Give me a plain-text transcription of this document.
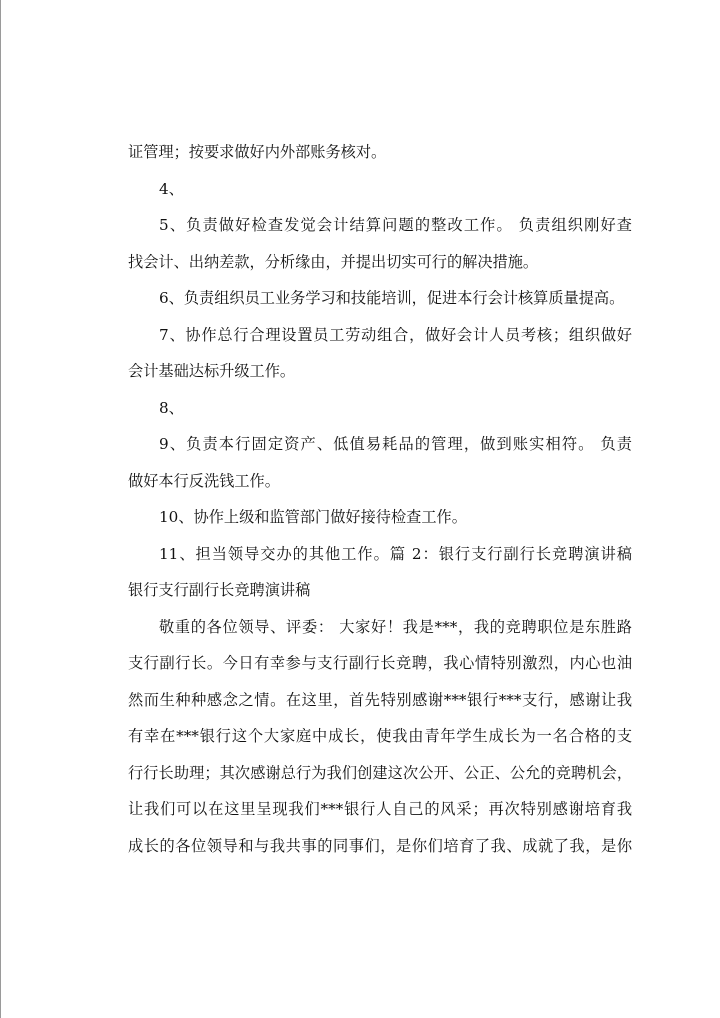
证管理；按要求做好内外部账务核对。
4、
5、负责做好检查发觉会计结算问题的整改工作。 负责组织刚好查
找会计、出纳差款，分析缘由，并提出切实可行的解决措施。
6、负责组织员工业务学习和技能培训，促进本行会计核算质量提高。
7、协作总行合理设置员工劳动组合，做好会计人员考核；组织做好
会计基础达标升级工作。
8、
9、负责本行固定资产、低值易耗品的管理，做到账实相符。 负责
做好本行反洗钱工作。
10、协作上级和监管部门做好接待检查工作。
11、担当领导交办的其他工作。篇 2：银行支行副行长竞聘演讲稿
银行支行副行长竞聘演讲稿
敬重的各位领导、评委： 大家好！我是***，我的竞聘职位是东胜路
支行副行长。今日有幸参与支行副行长竞聘，我心情特别激烈，内心也油
然而生种种感念之情。在这里，首先特别感谢***银行***支行，感谢让我
有幸在***银行这个大家庭中成长，使我由青年学生成长为一名合格的支
行行长助理；其次感谢总行为我们创建这次公开、公正、公允的竞聘机会，
让我们可以在这里呈现我们***银行人自己的风采；再次特别感谢培育我
成长的各位领导和与我共事的同事们，是你们培育了我、成就了我，是你
